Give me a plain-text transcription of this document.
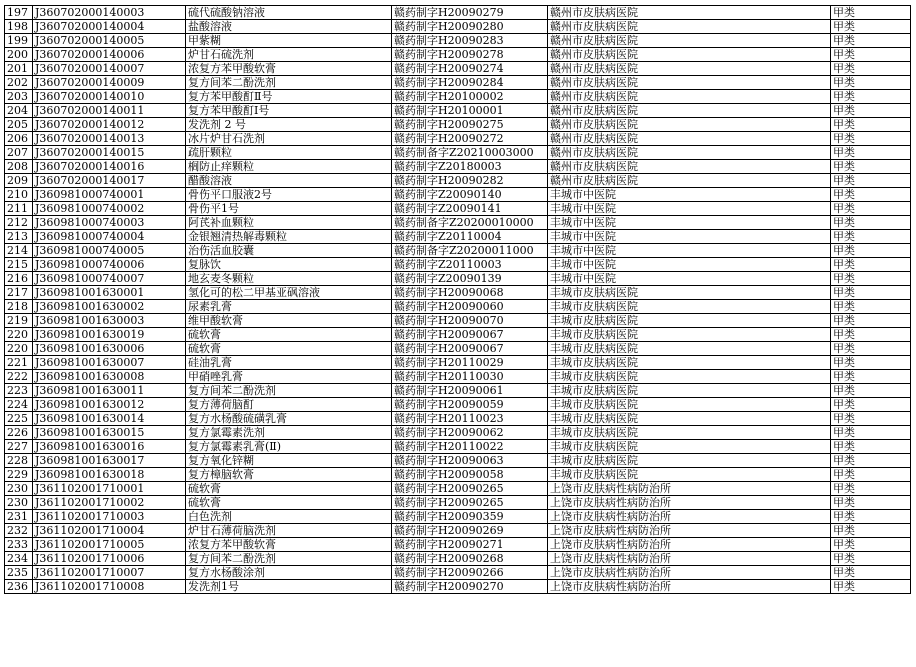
197	J360702000140003	硫代硫酸钠溶液	赣药制字H20090279	赣州市皮肤病医院	甲类
198	J360702000140004	盐酸溶液	赣药制字H20090280	赣州市皮肤病医院	甲类
199	J360702000140005	甲紫糊	赣药制字H20090283	赣州市皮肤病医院	甲类
200	J360702000140006	炉甘石硫洗剂	赣药制字H20090278	赣州市皮肤病医院	甲类
201	J360702000140007	浓复方苯甲酸软膏	赣药制字H20090274	赣州市皮肤病医院	甲类
202	J360702000140009	复方间苯二酚洗剂	赣药制字H20090284	赣州市皮肤病医院	甲类
203	J360702000140010	复方苯甲酸酊Ⅱ号	赣药制字H20100002	赣州市皮肤病医院	甲类
204	J360702000140011	复方苯甲酸酊Ⅰ号	赣药制字H20100001	赣州市皮肤病医院	甲类
205	J360702000140012	发洗剂 2 号	赣药制字H20090275	赣州市皮肤病医院	甲类
206	J360702000140013	冰片炉甘石洗剂	赣药制字H20090272	赣州市皮肤病医院	甲类
207	J360702000140015	疏肝颗粒	赣药制备字Z20210003000	赣州市皮肤病医院	甲类
208	J360702000140016	榈防止痒颗粒	赣药制字Z20180003	赣州市皮肤病医院	甲类
209	J360702000140017	醋酸溶液	赣药制字H20090282	赣州市皮肤病医院	甲类
210	J360981000740001	骨伤平口服液2号	赣药制字Z20090140	丰城市中医院	甲类
211	J360981000740002	骨伤平1号	赣药制字Z20090141	丰城市中医院	甲类
212	J360981000740003	阿芪补血颗粒	赣药制备字Z20200010000	丰城市中医院	甲类
213	J360981000740004	金银翘清热解毒颗粒	赣药制字Z20110004	丰城市中医院	甲类
214	J360981000740005	治伤活血胶囊	赣药制备字Z20200011000	丰城市中医院	甲类
215	J360981000740006	复脉饮	赣药制字Z20110003	丰城市中医院	甲类
216	J360981000740007	地玄麦冬颗粒	赣药制字Z20090139	丰城市中医院	甲类
217	J360981001630001	氢化可的松二甲基亚砜溶液	赣药制字H20090068	丰城市皮肤病医院	甲类
218	J360981001630002	尿素乳膏	赣药制字H20090060	丰城市皮肤病医院	甲类
219	J360981001630003	维甲酸软膏	赣药制字H20090070	丰城市皮肤病医院	甲类
220	J360981001630019	硫软膏	赣药制字H20090067	丰城市皮肤病医院	甲类
220	J360981001630006	硫软膏	赣药制字H20090067	丰城市皮肤病医院	甲类
221	J360981001630007	硅油乳膏	赣药制字H20110029	丰城市皮肤病医院	甲类
222	J360981001630008	甲硝唑乳膏	赣药制字H20110030	丰城市皮肤病医院	甲类
223	J360981001630011	复方间苯二酚洗剂	赣药制字H20090061	丰城市皮肤病医院	甲类
224	J360981001630012	复方薄荷脑酊	赣药制字H20090059	丰城市皮肤病医院	甲类
225	J360981001630014	复方水杨酸硫磺乳膏	赣药制字H20110023	丰城市皮肤病医院	甲类
226	J360981001630015	复方氯霉素洗剂	赣药制字H20090062	丰城市皮肤病医院	甲类
227	J360981001630016	复方氯霉素乳膏(Ⅱ)	赣药制字H20110022	丰城市皮肤病医院	甲类
228	J360981001630017	复方氧化锌糊	赣药制字H20090063	丰城市皮肤病医院	甲类
229	J360981001630018	复方樟脑软膏	赣药制字H20090058	丰城市皮肤病医院	甲类
230	J361102001710001	硫软膏	赣药制字H20090265	上饶市皮肤病性病防治所	甲类
230	J361102001710002	硫软膏	赣药制字H20090265	上饶市皮肤病性病防治所	甲类
231	J361102001710003	白色洗剂	赣药制字H20090359	上饶市皮肤病性病防治所	甲类
232	J361102001710004	炉甘石薄荷脑洗剂	赣药制字H20090269	上饶市皮肤病性病防治所	甲类
233	J361102001710005	浓复方苯甲酸软膏	赣药制字H20090271	上饶市皮肤病性病防治所	甲类
234	J361102001710006	复方间苯二酚洗剂	赣药制字H20090268	上饶市皮肤病性病防治所	甲类
235	J361102001710007	复方水杨酸涂剂	赣药制字H20090266	上饶市皮肤病性病防治所	甲类
236	J361102001710008	发洗剂1号	赣药制字H20090270	上饶市皮肤病性病防治所	甲类
